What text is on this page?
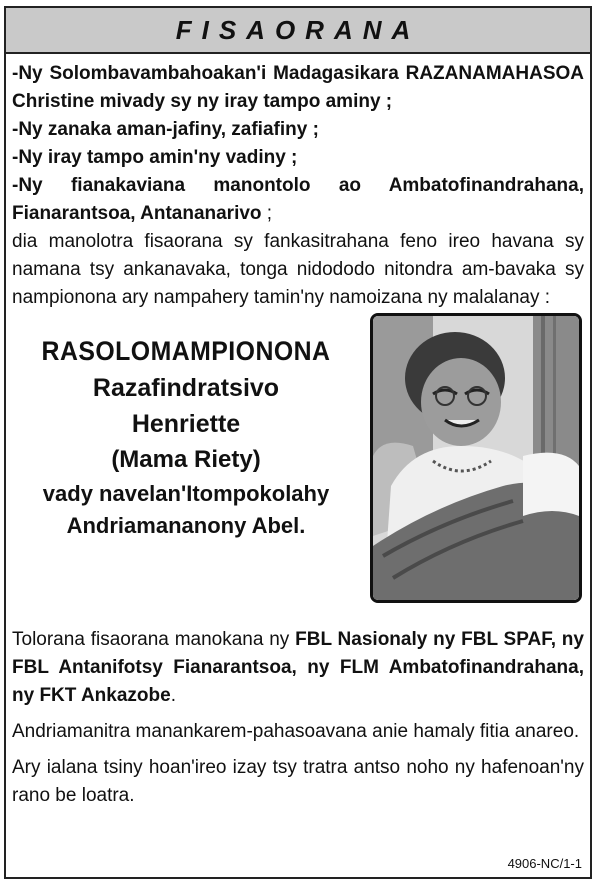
FISAORANA

-Ny Solombavambahoakan'i Madagasikara RAZANAMAHASOA Christine mivady sy ny iray tampo aminy ;

-Ny zanaka aman-jafiny, zafiafiny ;

-Ny iray tampo amin'ny vadiny ;

-Ny fianakaviana manontolo ao Ambatofinandrahana, Fianarantsoa, Antananarivo ;

dia manolotra fisaorana sy fankasitrahana feno ireo havana sy namana tsy ankanavaka, tonga nidododo nitondra am-bavaka sy nampionona ary nampahery tamin'ny namoizana ny malalanay :

RASOLOMAMPIONONA
Razafindratsivo
Henriette
(Mama Riety)
vady navelan'Itompokolahy
Andriamananony Abel.

Tolorana fisaorana manokana ny FBL Nasionaly ny FBL SPAF, ny FBL Antanifotsy Fianarantsoa, ny FLM Ambatofinandrahana, ny FKT Ankazobe.

Andriamanitra manankarem-pahasoavana anie hamaly fitia anareo.

Ary ialana tsiny hoan'ireo izay tsy tratra antso noho ny hafenoan'ny rano be loatra.

4906-NC/1-1
